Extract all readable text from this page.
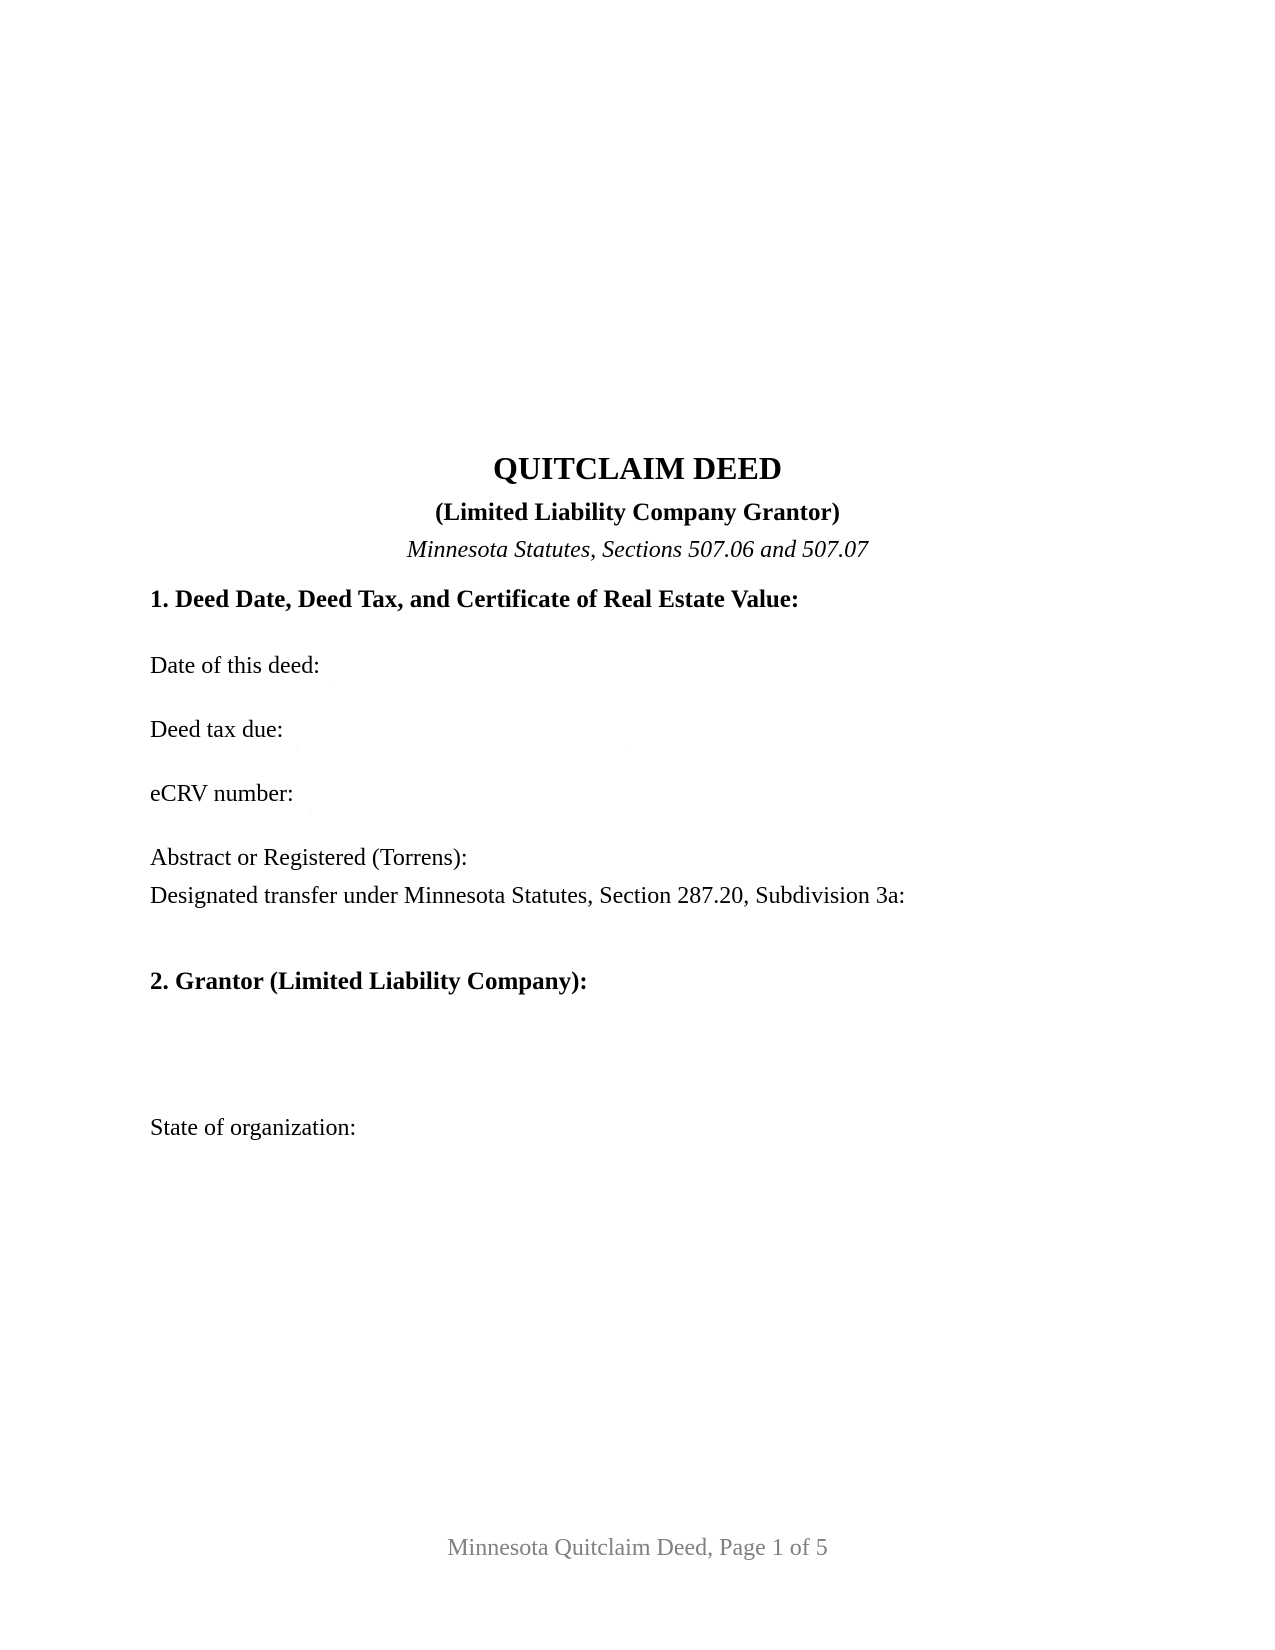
QUITCLAIM DEED
(Limited Liability Company Grantor)
Minnesota Statutes, Sections 507.06 and 507.07
1. Deed Date, Deed Tax, and Certificate of Real Estate Value:
Date of this deed:
Deed tax due:
eCRV number:
Abstract or Registered (Torrens):
Designated transfer under Minnesota Statutes, Section 287.20, Subdivision 3a:
2. Grantor (Limited Liability Company):
State of organization:
Minnesota Quitclaim Deed, Page 1 of 5
